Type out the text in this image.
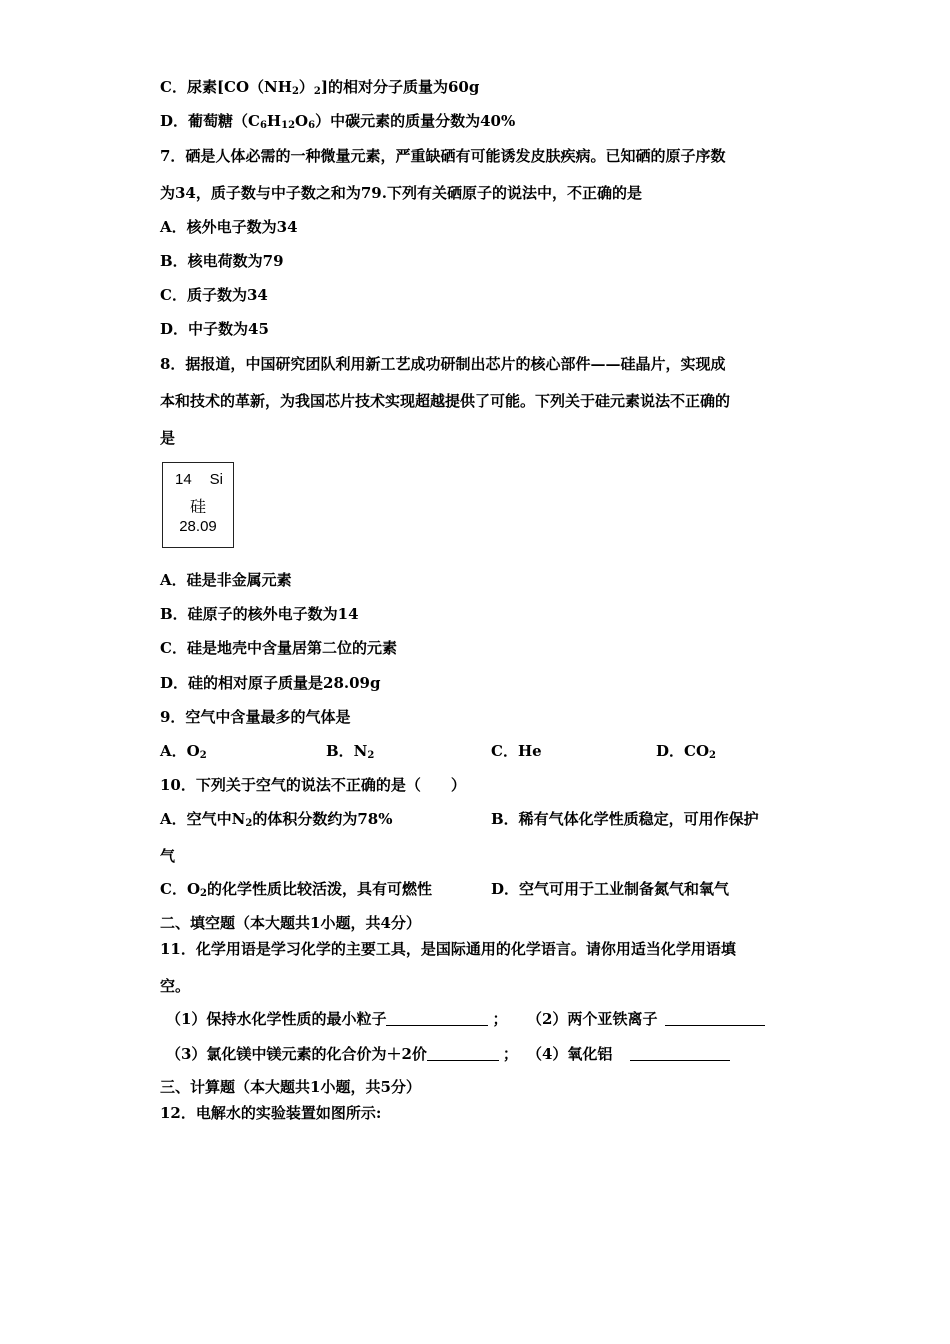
C．尿素$[CO(NH_2)_2]$的相对分子质量为60g
D．葡萄糖$(C_6H_{12}O_6)$中碳元素的质量分数为40%
7．硒是人体必需的一种微量元素，严重缺硒有可能诱发皮肤疾病。已知硒的原子序数
为34，质子数与中子数之和为79.下列有关硒原子的说法中，不正确的是
A．核外电子数为34
B．核电荷数为79
C．质子数为34
D．中子数为45
8．据报道，中国研究团队利用新工艺成功研制出芯片的核心部件——硅晶片，实现成
本和技术的革新，为我国芯片技术实现超越提供了可能。下列关于硅元素说法不正确的
是
14 Si
硅
28.09
A．硅是非金属元素
B．硅原子的核外电子数为14
C．硅是地壳中含量居第二位的元素
D．硅的相对原子质量是28.09g
9．空气中含量最多的气体是
A．$O_2$	B．$N_2$	C．He	D．$CO_2$
10．下列关于空气的说法不正确的是（　　）
A．空气中$N_2$的体积分数约为78%	B．稀有气体化学性质稳定，可用作保护
气
C．$O_2$的化学性质比较活泼，具有可燃性	D．空气可用于工业制备氮气和氧气
二、填空题（本大题共1小题，共4分）
11．化学用语是学习化学的主要工具，是国际通用的化学语言。请你用适当化学用语填
空。
（1）保持水化学性质的最小粒子	； （2）两个亚铁离子
（3）氯化镁中镁元素的化合价为＋2价	； （4）氧化铝
三、计算题（本大题共1小题，共5分）
12．电解水的实验装置如图所示:
